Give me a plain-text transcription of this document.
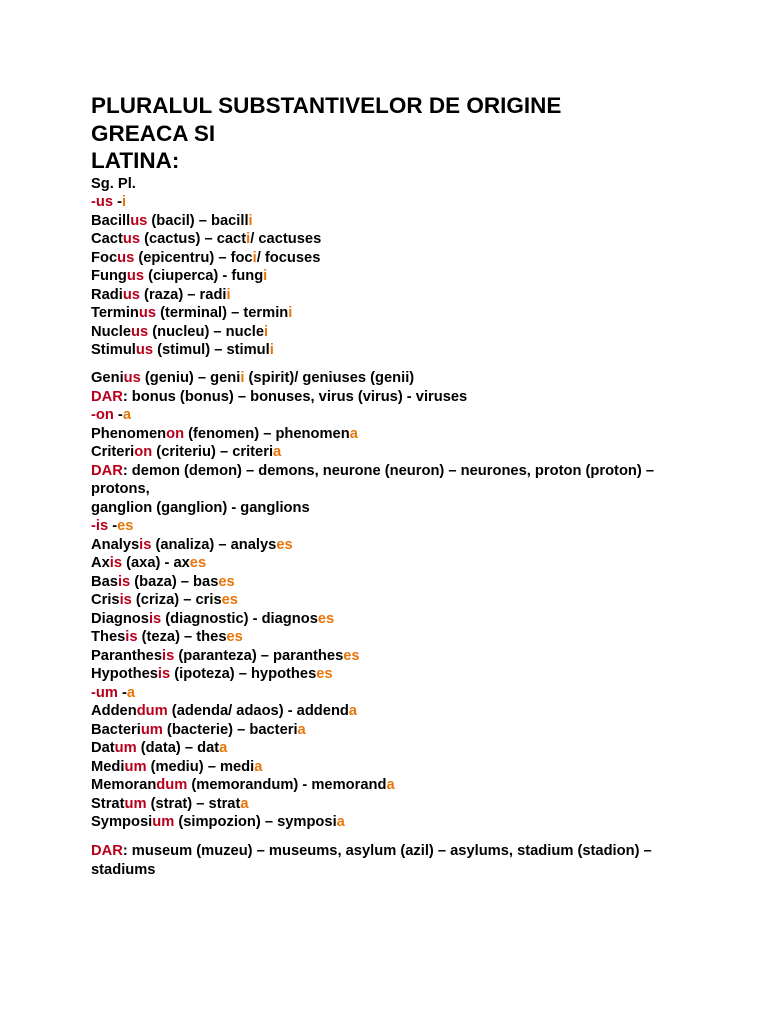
PLURALUL SUBSTANTIVELOR DE ORIGINE
GREACA SI
LATINA:
Sg. Pl.
-us -i
Bacillus (bacil) – bacilli
Cactus (cactus) – cacti/ cactuses
Focus (epicentru) – foci/ focuses
Fungus (ciuperca) - fungi
Radius (raza) – radii
Terminus (terminal) – termini
Nucleus (nucleu) – nuclei
Stimulus (stimul) – stimuli
Genius (geniu) – genii (spirit)/ geniuses (genii)
DAR: bonus (bonus) – bonuses, virus (virus) - viruses
-on -a
Phenomenon (fenomen) – phenomena
Criterion (criteriu) – criteria
DAR: demon (demon) – demons, neurone (neuron) – neurones, proton (proton) – protons,
ganglion (ganglion) - ganglions
-is -es
Analysis (analiza) – analyses
Axis (axa) - axes
Basis (baza) – bases
Crisis (criza) – crises
Diagnosis (diagnostic) - diagnoses
Thesis (teza) – theses
Paranthesis (paranteza) – parantheses
Hypothesis (ipoteza) – hypotheses
-um -a
Addendum (adenda/ adaos) - addenda
Bacterium (bacterie) – bacteria
Datum (data) – data
Medium (mediu) – media
Memorandum (memorandum) - memoranda
Stratum (strat) – strata
Symposium (simpozion) – symposia
DAR: museum (muzeu) – museums, asylum (azil) – asylums, stadium (stadion) – stadiums
